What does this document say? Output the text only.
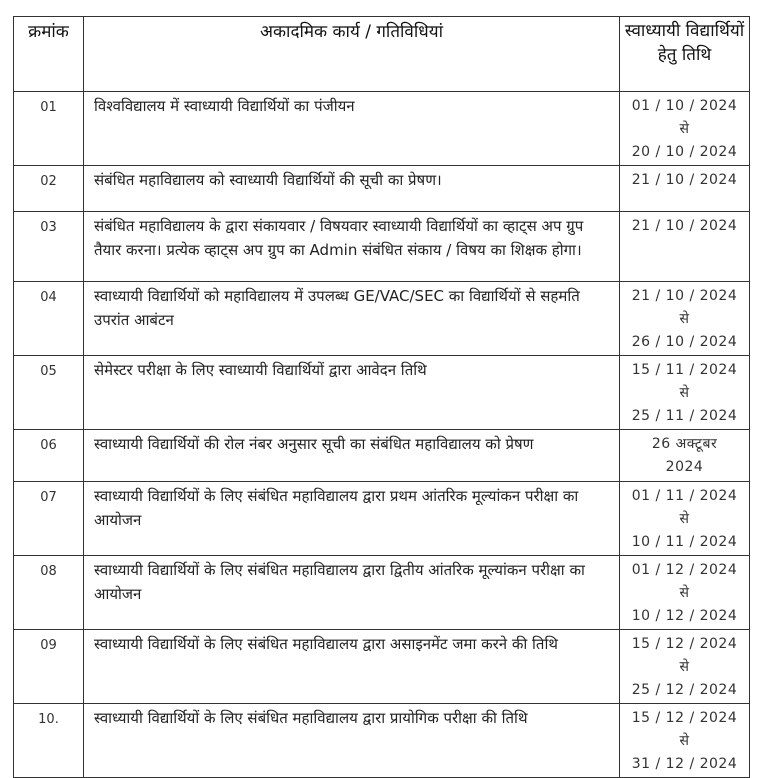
क्रमांक	अकादमिक कार्य / गतिविधियां	स्वाध्यायी विद्यार्थियों हेतु तिथि
01	विश्वविद्यालय में स्वाध्यायी विद्यार्थियों का पंजीयन	01 / 10 / 2024
से
20 / 10 / 2024

02	संबंधित महाविद्यालय को स्वाध्यायी विद्यार्थियों की सूची का प्रेषण।	21 / 10 / 2024

03	संबंधित महाविद्यालय के द्वारा संकायवार / विषयवार स्वाध्यायी विद्यार्थियों का व्हाट्स अप ग्रुप तैयार करना। प्रत्येक व्हाट्स अप ग्रुप का Admin संबंधित संकाय / विषय का शिक्षक होगा।	21 / 10 / 2024

04	स्वाध्यायी विद्यार्थियों को महाविद्यालय में उपलब्ध GE/VAC/SEC का विद्यार्थियों से सहमति उपरांत आबंटन	21 / 10 / 2024
से
26 / 10 / 2024

05	सेमेस्टर परीक्षा के लिए स्वाध्यायी विद्यार्थियों द्वारा आवेदन तिथि	15 / 11 / 2024
से
25 / 11 / 2024

06	स्वाध्यायी विद्यार्थियों की रोल नंबर अनुसार सूची का संबंधित महाविद्यालय को प्रेषण	26 अक्टूबर
2024

07	स्वाध्यायी विद्यार्थियों के लिए संबंधित महाविद्यालय द्वारा प्रथम आंतरिक मूल्यांकन परीक्षा का आयोजन	01 / 11 / 2024
से
10 / 11 / 2024

08	स्वाध्यायी विद्यार्थियों के लिए संबंधित महाविद्यालय द्वारा द्वितीय आंतरिक मूल्यांकन परीक्षा का आयोजन	01 / 12 / 2024
से
10 / 12 / 2024

09	स्वाध्यायी विद्यार्थियों के लिए संबंधित महाविद्यालय द्वारा असाइनमेंट जमा करने की तिथि	15 / 12 / 2024
से
25 / 12 / 2024

10.	स्वाध्यायी विद्यार्थियों के लिए संबंधित महाविद्यालय द्वारा प्रायोगिक परीक्षा की तिथि	15 / 12 / 2024
से
31 / 12 / 2024
